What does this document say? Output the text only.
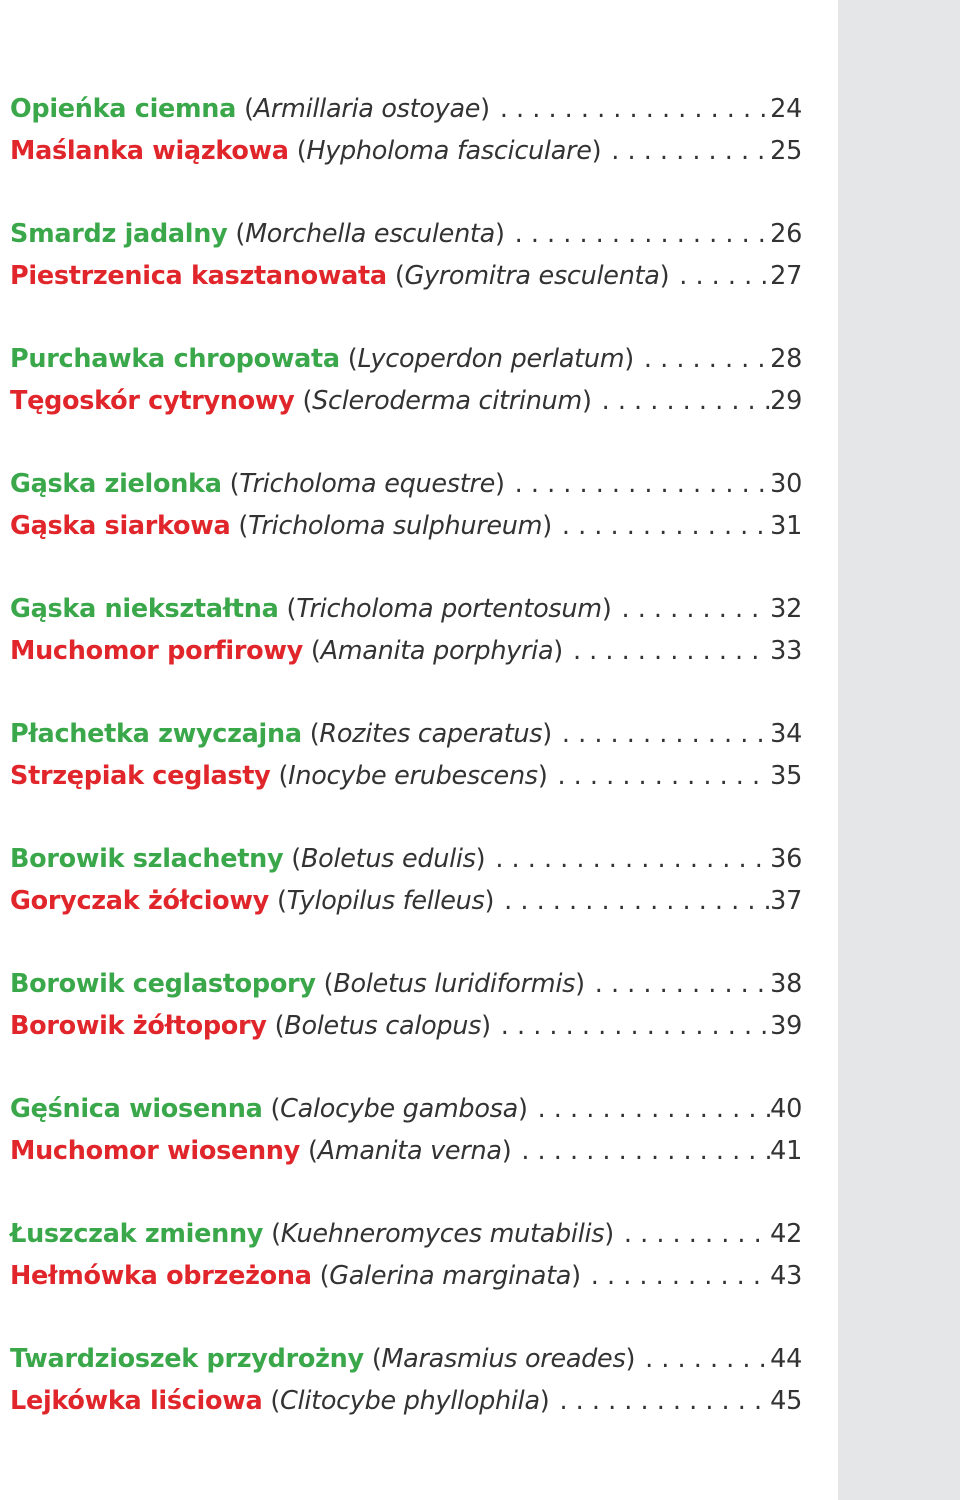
Opieńka ciemna (Armillaria ostoyae) . . .	24
Maślanka wiązkowa (Hypholoma fasciculare) . . .	25
Smardz jadalny (Morchella esculenta) . . .	26
Piestrzenica kasztanowata (Gyromitra esculenta) . . .	27
Purchawka chropowata (Lycoperdon perlatum) . . .	28
Tęgoskór cytrynowy (Scleroderma citrinum) . . .	29
Gąska zielonka (Tricholoma equestre) . . .	30
Gąska siarkowa (Tricholoma sulphureum) . . .	31
Gąska niekształtna (Tricholoma portentosum) . . .	32
Muchomor porfirowy (Amanita porphyria) . . .	33
Płachetka zwyczajna (Rozites caperatus) . . .	34
Strzępiak ceglasty (Inocybe erubescens) . . .	35
Borowik szlachetny (Boletus edulis) . . .	36
Goryczak żółciowy (Tylopilus felleus) . . .	37
Borowik ceglastopory (Boletus luridiformis) . . .	38
Borowik żółtopory (Boletus calopus) . . .	39
Gęśnica wiosenna (Calocybe gambosa) . . .	40
Muchomor wiosenny (Amanita verna) . . .	41
Łuszczak zmienny (Kuehneromyces mutabilis) . . .	42
Hełmówka obrzeżona (Galerina marginata) . . .	43
Twardzioszek przydrożny (Marasmius oreades) . . .	44
Lejkówka liściowa (Clitocybe phyllophila) . . .	45
